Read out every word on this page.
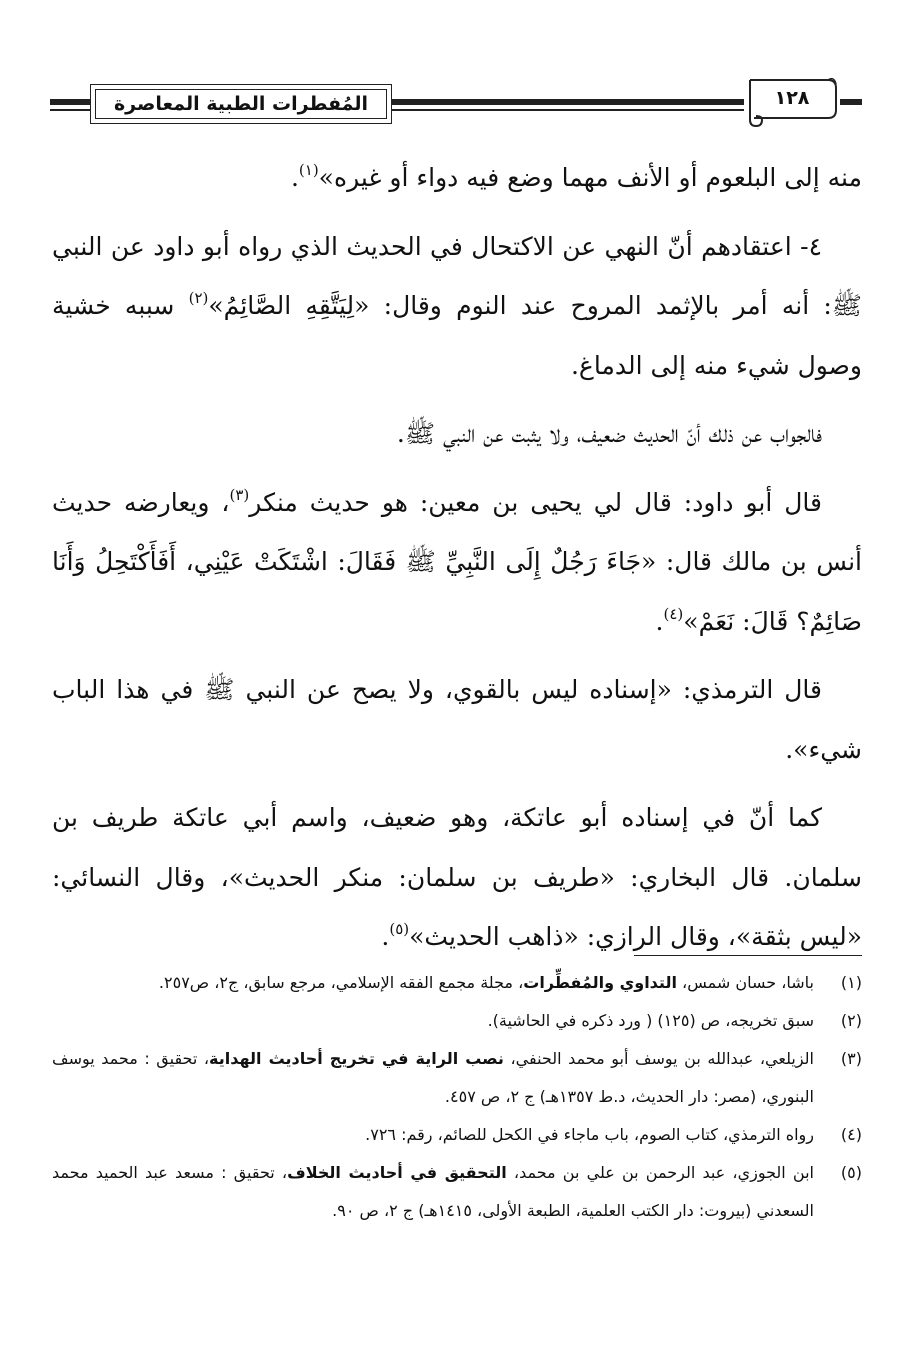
المُفطرات الطبية المعاصرة	١٢٨

منه إلى البلعوم أو الأنف مهما وضع فيه دواء أو غيره»$^{(١)}$.

٤- اعتقادهم أنّ النهي عن الاكتحال في الحديث الذي رواه أبو داود عن النبي ﷺ: أنه أمر بالإثمد المروح عند النوم وقال: «لِيَتَّقِهِ الصَّائِمُ»$^{(٢)}$ سببه خشية وصول شيء منه إلى الدماغ.

فالجواب عن ذلك أنّ الحديث ضعيف، ولا يثبت عن النبي ﷺ.

قال أبو داود: قال لي يحيى بن معين: هو حديث منكر$^{(٣)}$، ويعارضه حديث أنس بن مالك قال: «جَاءَ رَجُلٌ إِلَى النَّبِيِّ ﷺ فَقَالَ: اشْتَكَتْ عَيْنِي، أَفَأَكْتَحِلُ وَأَنَا صَائِمٌ؟ قَالَ: نَعَمْ»$^{(٤)}$.

قال الترمذي: «إسناده ليس بالقوي، ولا يصح عن النبي ﷺ في هذا الباب شيء».

كما أنّ في إسناده أبو عاتكة، وهو ضعيف، واسم أبي عاتكة طريف بن سلمان. قال البخاري: «طريف بن سلمان: منكر الحديث»، وقال النسائي: «ليس بثقة»، وقال الرازي: «ذاهب الحديث»$^{(٥)}$.

(١)باشا، حسان شمس، التداوي والمُفطِّرات، مجلة مجمع الفقه الإسلامي، مرجع سابق، ج٢، ص٢٥٧.

(٢)سبق تخريجه، ص (١٢٥) ( ورد ذكره في الحاشية).

(٣)الزيلعي، عبدالله بن يوسف أبو محمد الحنفي، نصب الراية في تخريج أحاديث الهداية، تحقيق : محمد يوسف البنوري، (مصر: دار الحديث، د.ط ١٣٥٧هـ) ج ٢، ص ٤٥٧.

(٤)رواه الترمذي، كتاب الصوم، باب ماجاء في الكحل للصائم، رقم: ٧٢٦.

(٥)ابن الجوزي، عبد الرحمن بن علي بن محمد، التحقيق في أحاديث الخلاف، تحقيق : مسعد عبد الحميد محمد السعدني (بيروت: دار الكتب العلمية، الطبعة الأولى، ١٤١٥هـ) ج ٢، ص ٩٠.
